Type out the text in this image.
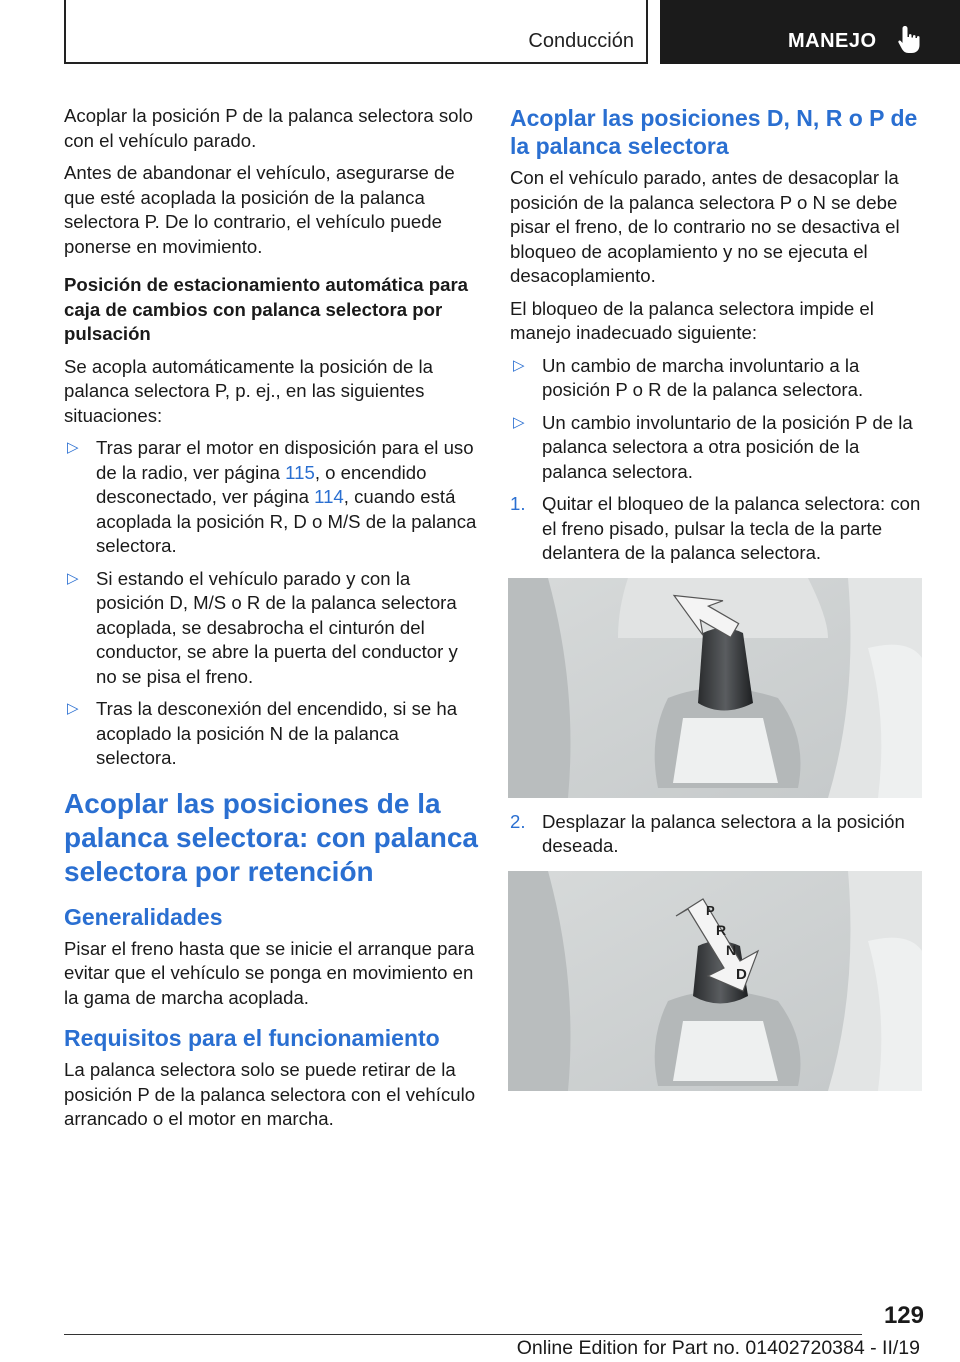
Conducción	MANEJO

Acoplar la posición P de la palanca selectora solo con el vehículo parado.

Antes de abandonar el vehículo, asegurarse de que esté acoplada la posición de la palanca selectora P. De lo contrario, el vehículo puede ponerse en movimiento.

Posición de estacionamiento automática para caja de cambios con palanca selectora por pulsación

Se acopla automáticamente la posición de la palanca selectora P, p. ej., en las siguientes situaciones:

▷ Tras parar el motor en disposición para el uso de la radio, ver página 115, o encendido desconectado, ver página 114, cuando está acoplada la posición R, D o M/S de la palanca selectora.
▷ Si estando el vehículo parado y con la posición D, M/S o R de la palanca selectora acoplada, se desabrocha el cinturón del conductor, se abre la puerta del conductor y no se pisa el freno.
▷ Tras la desconexión del encendido, si se ha acoplado la posición N de la palanca selectora.
Acoplar las posiciones de la palanca selectora: con palanca selectora por retención
Generalidades

Pisar el freno hasta que se inicie el arranque para evitar que el vehículo se ponga en movimiento en la gama de marcha acoplada.

Requisitos para el funcionamiento

La palanca selectora solo se puede retirar de la posición P de la palanca selectora con el vehículo arrancado o el motor en marcha.

Acoplar las posiciones D, N, R o P de la palanca selectora

Con el vehículo parado, antes de desacoplar la posición de la palanca selectora P o N se debe pisar el freno, de lo contrario no se desactiva el bloqueo de acoplamiento y no se ejecuta el desacoplamiento.

El bloqueo de la palanca selectora impide el manejo inadecuado siguiente:

▷ Un cambio de marcha involuntario a la posición P o R de la palanca selectora.
▷ Un cambio involuntario de la posición P de la palanca selectora a otra posición de la palanca selectora.
1. Quitar el bloqueo de la palanca selectora: con el freno pisado, pulsar la tecla de la parte delantera de la palanca selectora.
2. Desplazar la palanca selectora a la posición deseada.
P
R
N
D
129
Online Edition for Part no. 01402720384 - II/19
